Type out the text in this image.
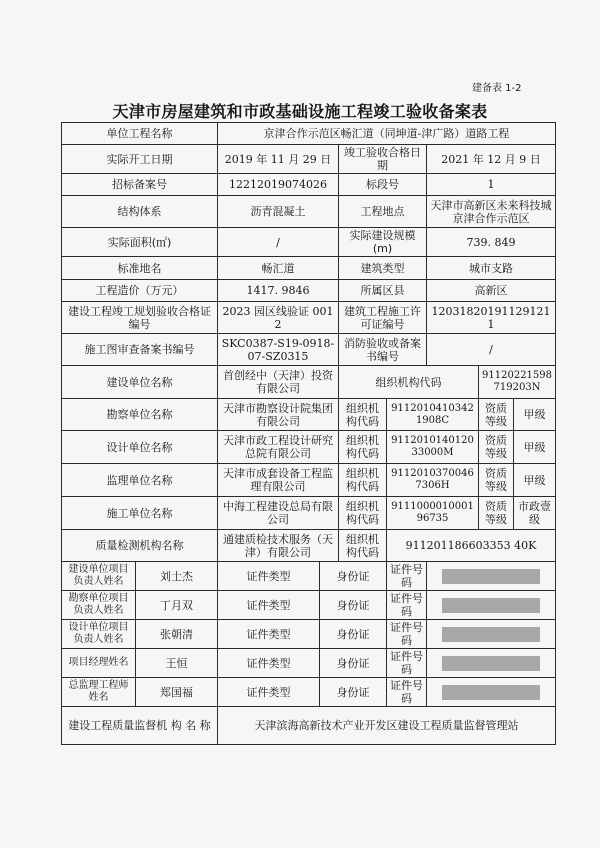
建备表 1-2
天津市房屋建筑和市政基础设施工程竣工验收备案表
单位工程名称		京津合作示范区畅汇道（同坤道-津广路）道路工程						
实际开工日期		2019 年 11 月 29 日		竣工验收合格日期		2021 年 12 月 9 日		
招标备案号		12212019074026		标段号		1		
结构体系		沥青混凝土		工程地点		天津市高新区未来科技城京津合作示范区		
实际面积(㎡)		/		实际建设规模(m)		739. 849		
标准地名		畅汇道		建筑类型		城市支路		
工程造价（万元）		1417. 9846		所属区县		高新区		
建设工程竣工规划验收合格证编号		2023 园区线验证 0012		建筑工程施工许可证编号		120318201911291211		
施工图审查备案书编号		SKC0387-S19-0918-07-SZ0315		消防验收或备案书编号		/		
建设单位名称		首创经中（天津）投资有限公司		组织机构代码			91120221598719203N	
勘察单位名称		天津市勘察设计院集团有限公司		组织机构代码	91120104103421908C		资质等级	甲级
设计单位名称		天津市政工程设计研究总院有限公司		组织机构代码	911201014012033000M		资质等级	甲级
监理单位名称		天津市成套设备工程监理有限公司		组织机构代码	91120103700467306H		资质等级	甲级
施工单位名称		中海工程建设总局有限公司		组织机构代码	911100001000196735		资质等级	市政壹级
质量检测机构名称		通建质检技术服务（天津）有限公司		组织机构代码	911201186603353 40K			
建设单位项目负责人姓名	刘士杰	证件类型	身份证		证件号码			
勘察单位项目负责人姓名	丁月双	证件类型	身份证		证件号码			
设计单位项目负责人姓名	张朝清	证件类型	身份证		证件号码			
项目经理姓名	王恒	证件类型	身份证		证件号码			
总监理工程师姓名	郑国福	证件类型	身份证		证件号码			
建设工程质量监督机 构 名 称		天津滨海高新技术产业开发区建设工程质量监督管理站						
